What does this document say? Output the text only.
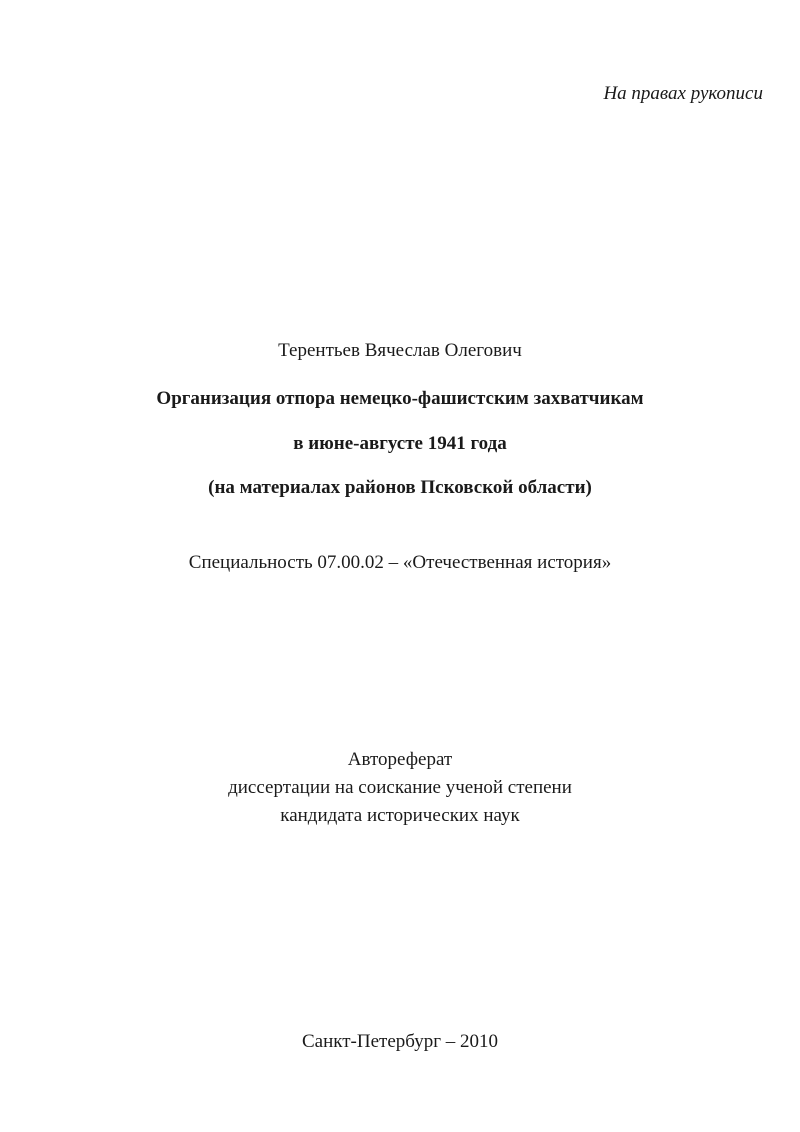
На правах рукописи
Терентьев Вячеслав Олегович
Организация отпора немецко-фашистским захватчикам
в июне-августе 1941 года
(на материалах районов Псковской области)
Специальность 07.00.02 – «Отечественная история»
Автореферат
диссертации на соискание ученой степени
кандидата исторических наук
Санкт-Петербург – 2010
